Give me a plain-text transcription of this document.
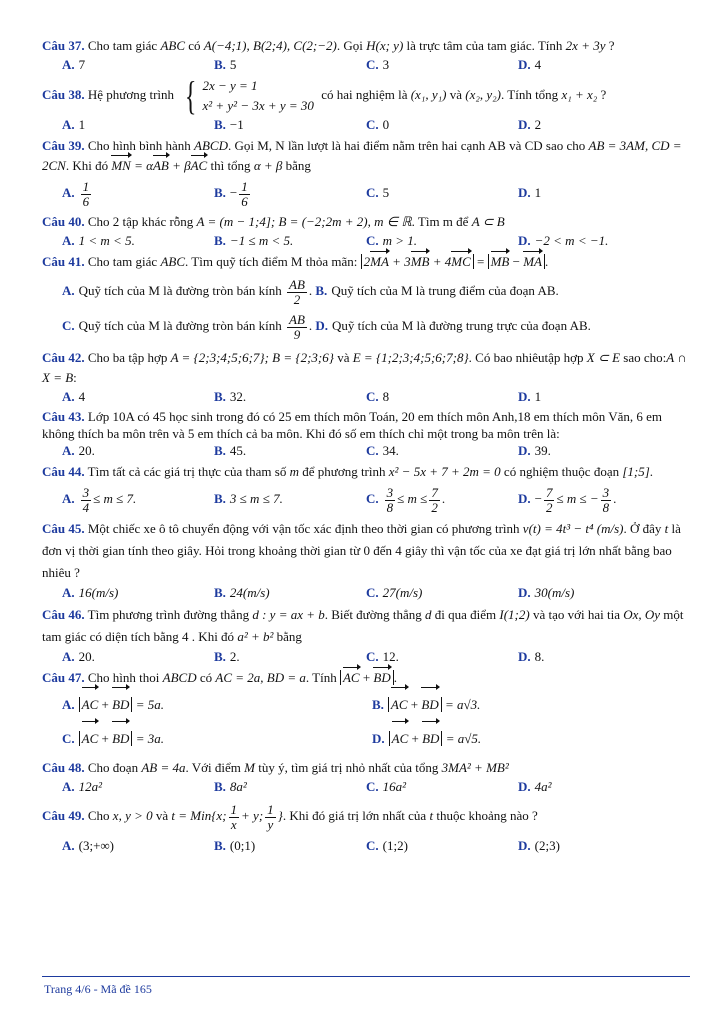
Câu 37. Cho tam giác ABC có A(−4;1), B(2;4), C(2;−2). Gọi H(x; y) là trực tâm của tam giác. Tính 2x + 3y ?
A. 7	B. 5	C. 3	D. 4
Câu 38. Hệ phương trình { 2x − y = 1
x² + y² − 3x + y = 30
có hai nghiệm là (x₁, y₁) và (x₂, y₂). Tính tổng x₁ + x₂ ?
A. 1	B. −1	C. 0	D. 2
Câu 39. Cho hình bình hành ABCD. Gọi M, N lần lượt là hai điểm nằm trên hai cạnh AB và CD sao cho AB = 3AM, CD = 2CN. Khi đó MN = αAB + βAC thì tổng α + β bằng
A. $\frac{1}{6}$	B. − $\frac{1}{6}$	C. 5	D. 1
Câu 40. Cho 2 tập khác rỗng A = (m − 1;4]; B = (−2;2m + 2), m ∈ ℝ. Tìm m để A ⊂ B
A. 1 < m < 5.	B. −1 ≤ m < 5.	C. m > 1.	D. −2 < m < −1.
Câu 41. Cho tam giác ABC. Tìm quỹ tích điểm M thỏa mãn: 2MA + 3MB + 4MC = MB − MA .
A. Quỹ tích của M là đường tròn bán kính $\frac{AB}{2}$ . B. Quỹ tích của M là trung điểm của đoạn AB.
C. Quỹ tích của M là đường tròn bán kính $\frac{AB}{9}$ . D. Quỹ tích của M là đường trung trực của đoạn AB.
Câu 42. Cho ba tập hợp A = {2;3;4;5;6;7}; B = {2;3;6} và E = {1;2;3;4;5;6;7;8}. Có bao nhiêutập hợp X ⊂ E sao cho:A ∩ X = B:
A. 4	B. 32.	C. 8	D. 1
Câu 43. Lớp 10A có 45 học sinh trong đó có 25 em thích môn Toán, 20 em thích môn Anh,18 em thích môn Văn, 6 em không thích ba môn trên và 5 em thích cả ba môn. Khi đó số em thích chỉ một trong ba môn trên là:
A. 20.	B. 45.	C. 34.	D. 39.
Câu 44. Tìm tất cả các giá trị thực của tham số m để phương trình x² − 5x + 7 + 2m = 0 có nghiệm thuộc đoạn [1;5].
A. $\frac{3}{4} \le m \le 7$.	B. 3 ≤ m ≤ 7.	C. $\frac{3}{8} \le m \le \frac{7}{2}$ .	D. − $\frac{7}{2} \le m$ ≤ − $\frac{3}{8}$ .
Câu 45. Một chiếc xe ô tô chuyển động với vận tốc xác định theo thời gian có phương trình v(t) = 4t³ − t⁴ (m/s). Ở đây t là đơn vị thời gian tính theo giây. Hỏi trong khoảng thời gian từ 0 đến 4 giây thì vận tốc của xe đạt giá trị lớn nhất bằng bao nhiêu ?
A. 16(m/s)	B. 24(m/s)	C. 27(m/s)	D. 30(m/s)
Câu 46. Tìm phương trình đường thẳng d : y = ax + b. Biết đường thẳng d đi qua điểm I(1;2) và tạo với hai tia Ox, Oy một tam giác có diện tích bằng 4 . Khi đó a² + b² bằng
A. 20.	B. 2.	C. 12.	D. 8.
Câu 47. Cho hình thoi ABCD có AC = 2a, BD = a. Tính AC + BD .
A. AC + BD = 5a.	B. AC + BD = a√3.
C. AC + BD = 3a.	D. AC + BD = a√5.
Câu 48. Cho đoạn AB = 4a. Với điểm M tùy ý, tìm giá trị nhỏ nhất của tổng 3MA² + MB²
A. 12a²	B. 8a²	C. 16a²	D. 4a²
Câu 49. Cho x, y > 0 và t = Min{x; $\frac{1}{x} + y$; $\frac{1}{y}$ }. Khi đó giá trị lớn nhất của t thuộc khoảng nào ?
A. (3;+∞)	B. (0;1)	C. (1;2)	D. (2;3)
Trang 4/6 - Mã đề 165
